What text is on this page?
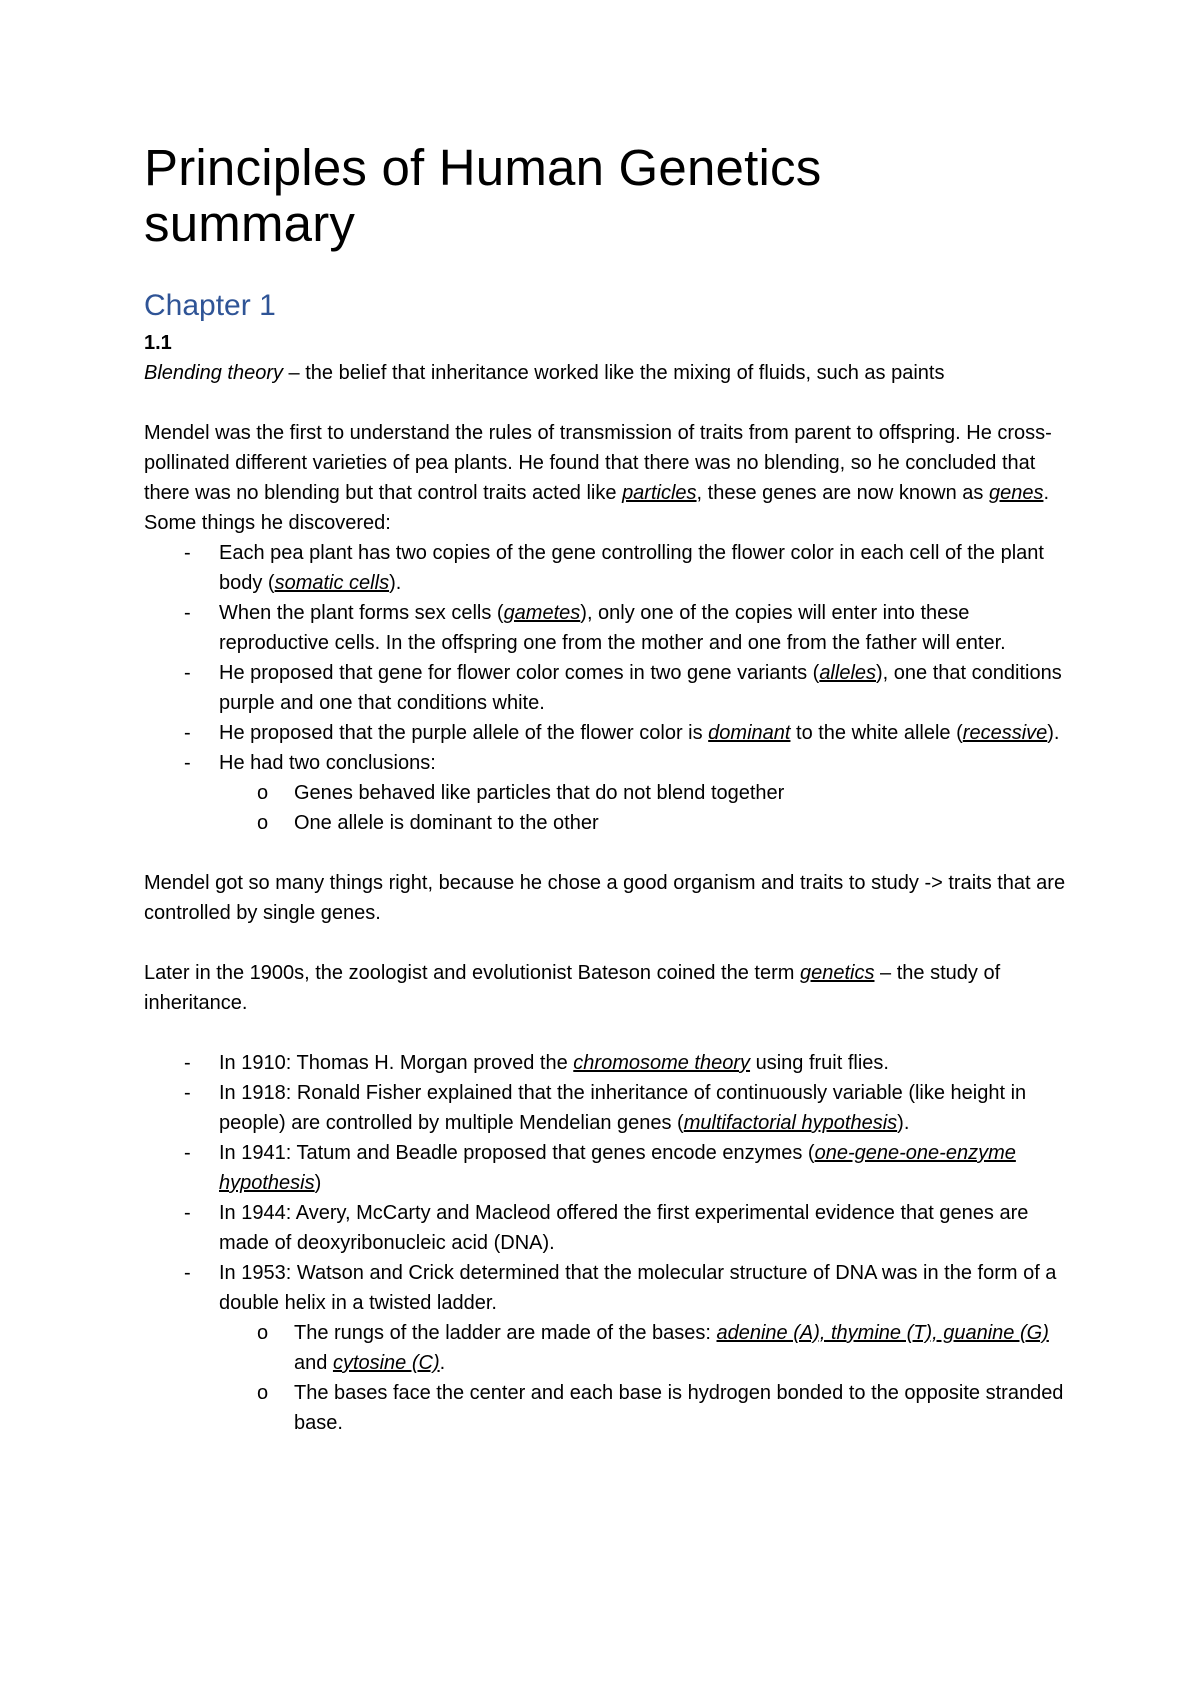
Principles of Human Genetics
summary
Chapter 1
1.1

Blending theory – the belief that inheritance worked like the mixing of fluids, such as paints

Mendel was the first to understand the rules of transmission of traits from parent to offspring. He cross-pollinated different varieties of pea plants. He found that there was no blending, so he concluded that there was no blending but that control traits acted like particles, these genes are now known as genes. Some things he discovered:

- Each pea plant has two copies of the gene controlling the flower color in each cell of the plant body (somatic cells).
- When the plant forms sex cells (gametes), only one of the copies will enter into these reproductive cells. In the offspring one from the mother and one from the father will enter.
- He proposed that gene for flower color comes in two gene variants (alleles), one that conditions purple and one that conditions white.
- He proposed that the purple allele of the flower color is dominant to the white allele (recessive).
- He had two conclusions:
o Genes behaved like particles that do not blend together
o One allele is dominant to the other

Mendel got so many things right, because he chose a good organism and traits to study -> traits that are controlled by single genes.

Later in the 1900s, the zoologist and evolutionist Bateson coined the term genetics – the study of inheritance.

- In 1910: Thomas H. Morgan proved the chromosome theory using fruit flies.
- In 1918: Ronald Fisher explained that the inheritance of continuously variable (like height in people) are controlled by multiple Mendelian genes (multifactorial hypothesis).
- In 1941: Tatum and Beadle proposed that genes encode enzymes (one-gene-one-enzyme hypothesis)
- In 1944: Avery, McCarty and Macleod offered the first experimental evidence that genes are made of deoxyribonucleic acid (DNA).
- In 1953: Watson and Crick determined that the molecular structure of DNA was in the form of a double helix in a twisted ladder.
o The rungs of the ladder are made of the bases: adenine (A), thymine (T), guanine (G) and cytosine (C).
o The bases face the center and each base is hydrogen bonded to the opposite stranded base.
